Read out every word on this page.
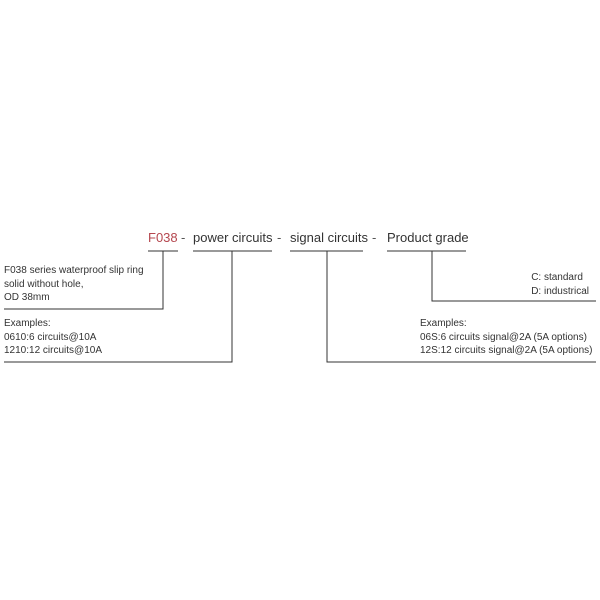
F038 - power circuits - signal circuits - Product grade
F038 series waterproof slip ring
solid without hole,
OD 38mm
Examples:
0610:6 circuits@10A
1210:12 circuits@10A
C: standard
D: industrical
Examples:
06S:6 circuits signal@2A (5A options)
12S:12 circuits signal@2A (5A options)
